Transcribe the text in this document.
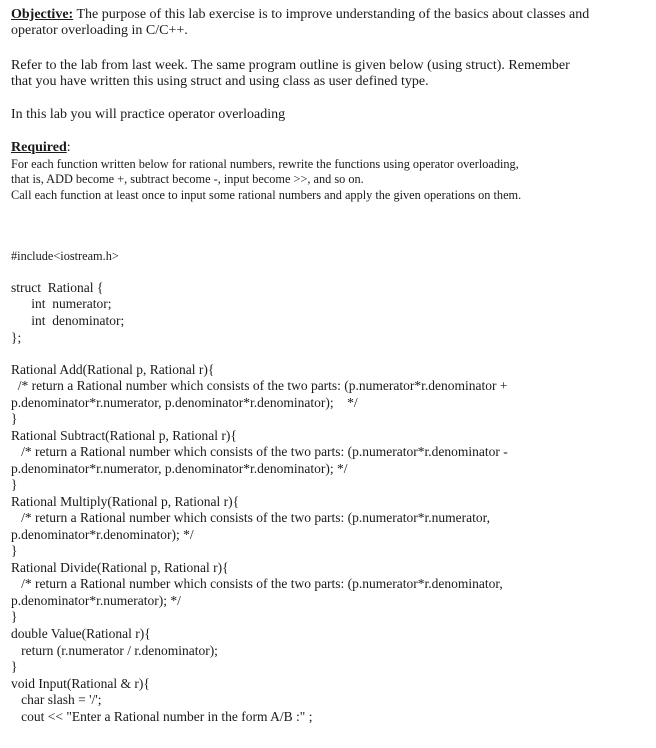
Objective: The purpose of this lab exercise is to improve understanding of the basics about classes and
operator overloading in C/C++.
Refer to the lab from last week. The same program outline is given below (using struct). Remember
that you have written this using struct and using class as user defined type.
In this lab you will practice operator overloading
Required:
For each function written below for rational numbers, rewrite the functions using operator overloading,
that is, ADD become +, subtract become -, input become >>, and so on.
Call each function at least once to input some rational numbers and apply the given operations on them.
#include<iostream.h>
struct  Rational {
int  numerator;
int  denominator;
};
Rational Add(Rational p, Rational r){
/* return a Rational number which consists of the two parts: (p.numerator*r.denominator +
p.denominator*r.numerator, p.denominator*r.denominator);    */
}
Rational Subtract(Rational p, Rational r){
/* return a Rational number which consists of the two parts: (p.numerator*r.denominator -
p.denominator*r.numerator, p.denominator*r.denominator); */
}
Rational Multiply(Rational p, Rational r){
/* return a Rational number which consists of the two parts: (p.numerator*r.numerator,
p.denominator*r.denominator); */
}
Rational Divide(Rational p, Rational r){
/* return a Rational number which consists of the two parts: (p.numerator*r.denominator,
p.denominator*r.numerator); */
}
double Value(Rational r){
return (r.numerator / r.denominator);
}
void Input(Rational & r){
char slash = '/';
cout << "Enter a Rational number in the form A/B :" ;
